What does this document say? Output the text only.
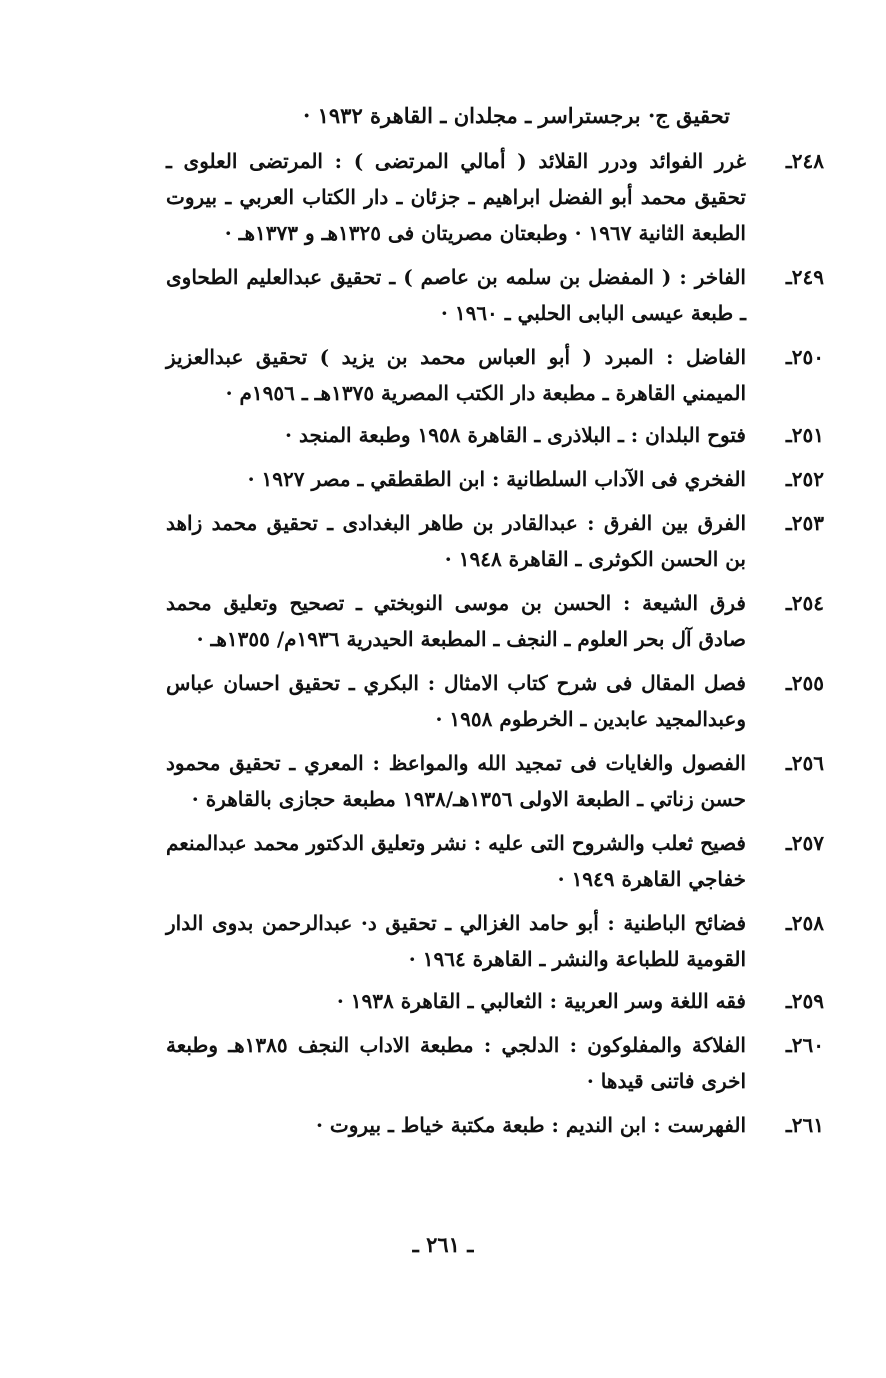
تحقيق ج· برجستراسر ـ مجلدان ـ القاهرة ١٩٣٢ ·
٢٤٨ـ
غرر الفوائد ودرر القلائد ( أمالي المرتضى ) : المرتضى العلوى ـ تحقيق محمد أبو الفضل ابراهيم ـ جزئان ـ دار الكتاب العربي ـ بيروت الطبعة الثانية ١٩٦٧ · وطبعتان مصريتان فى ١٣٢٥هـ و ١٣٧٣هـ ·
٢٤٩ـ
الفاخر : ( المفضل بن سلمه بن عاصم ) ـ تحقيق عبدالعليم الطحاوى ـ طبعة عيسى البابى الحلبي ـ ١٩٦٠ ·
٢٥٠ـ
الفاضل : المبرد ( أبو العباس محمد بن يزيد ) تحقيق عبدالعزيز الميمني القاهرة ـ مطبعة دار الكتب المصرية ١٣٧٥هـ ـ ١٩٥٦م ·
٢٥١ـ
فتوح البلدان : ـ البلاذرى ـ القاهرة ١٩٥٨ وطبعة المنجد ·
٢٥٢ـ
الفخري فى الآداب السلطانية : ابن الطقطقي ـ مصر ١٩٢٧ ·
٢٥٣ـ
الفرق بين الفرق : عبدالقادر بن طاهر البغدادى ـ تحقيق محمد زاهد بن الحسن الكوثرى ـ القاهرة ١٩٤٨ ·
٢٥٤ـ
فرق الشيعة : الحسن بن موسى النوبختي ـ تصحيح وتعليق محمد صادق آل بحر العلوم ـ النجف ـ المطبعة الحيدرية ١٩٣٦م/ ١٣٥٥هـ ·
٢٥٥ـ
فصل المقال فى شرح كتاب الامثال : البكري ـ تحقيق احسان عباس وعبدالمجيد عابدين ـ الخرطوم ١٩٥٨ ·
٢٥٦ـ
الفصول والغايات فى تمجيد الله والمواعظ : المعري ـ تحقيق محمود حسن زناتي ـ الطبعة الاولى ١٣٥٦هـ/١٩٣٨ مطبعة حجازى بالقاهرة ·
٢٥٧ـ
فصيح ثعلب والشروح التى عليه : نشر وتعليق الدكتور محمد عبدالمنعم خفاجي القاهرة ١٩٤٩ ·
٢٥٨ـ
فضائح الباطنية : أبو حامد الغزالي ـ تحقيق د· عبدالرحمن بدوى الدار القومية للطباعة والنشر ـ القاهرة ١٩٦٤ ·
٢٥٩ـ
فقه اللغة وسر العربية : الثعالبي ـ القاهرة ١٩٣٨ ·
٢٦٠ـ
الفلاكة والمفلوكون : الدلجي : مطبعة الاداب النجف ١٣٨٥هـ وطبعة اخرى فاتنى قيدها ·
٢٦١ـ
الفهرست : ابن النديم : طبعة مكتبة خياط ـ بيروت ·
ـ ٢٦١ ـ
